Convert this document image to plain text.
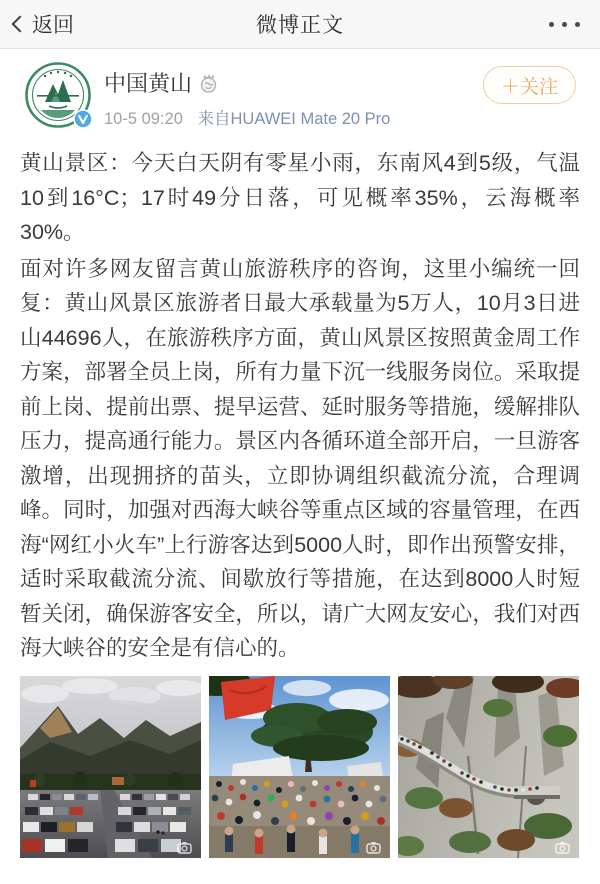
返回	微博正文
中国黄山
10-5 09:20 来自HUAWEI Mate 20 Pro
＋关注

黄山景区：今天白天阴有零星小雨，东南风4到5级，气温10到16°C；17时49分日落，可见概率35%，云海概率30%。

面对许多网友留言黄山旅游秩序的咨询，这里小编统一回复：黄山风景区旅游者日最大承载量为5万人，10月3日进山44696人，在旅游秩序方面，黄山风景区按照黄金周工作方案，部署全员上岗，所有力量下沉一线服务岗位。采取提前上岗、提前出票、提早运营、延时服务等措施，缓解排队压力，提高通行能力。景区内各循环道全部开启，一旦游客激增，出现拥挤的苗头，立即协调组织截流分流，合理调峰。同时，加强对西海大峡谷等重点区域的容量管理，在西海“网红小火车”上行游客达到5000人时，即作出预警安排，适时采取截流分流、间歇放行等措施，在达到8000人时短暂关闭，确保游客安全，所以，请广大网友安心，我们对西海大峡谷的安全是有信心的。
